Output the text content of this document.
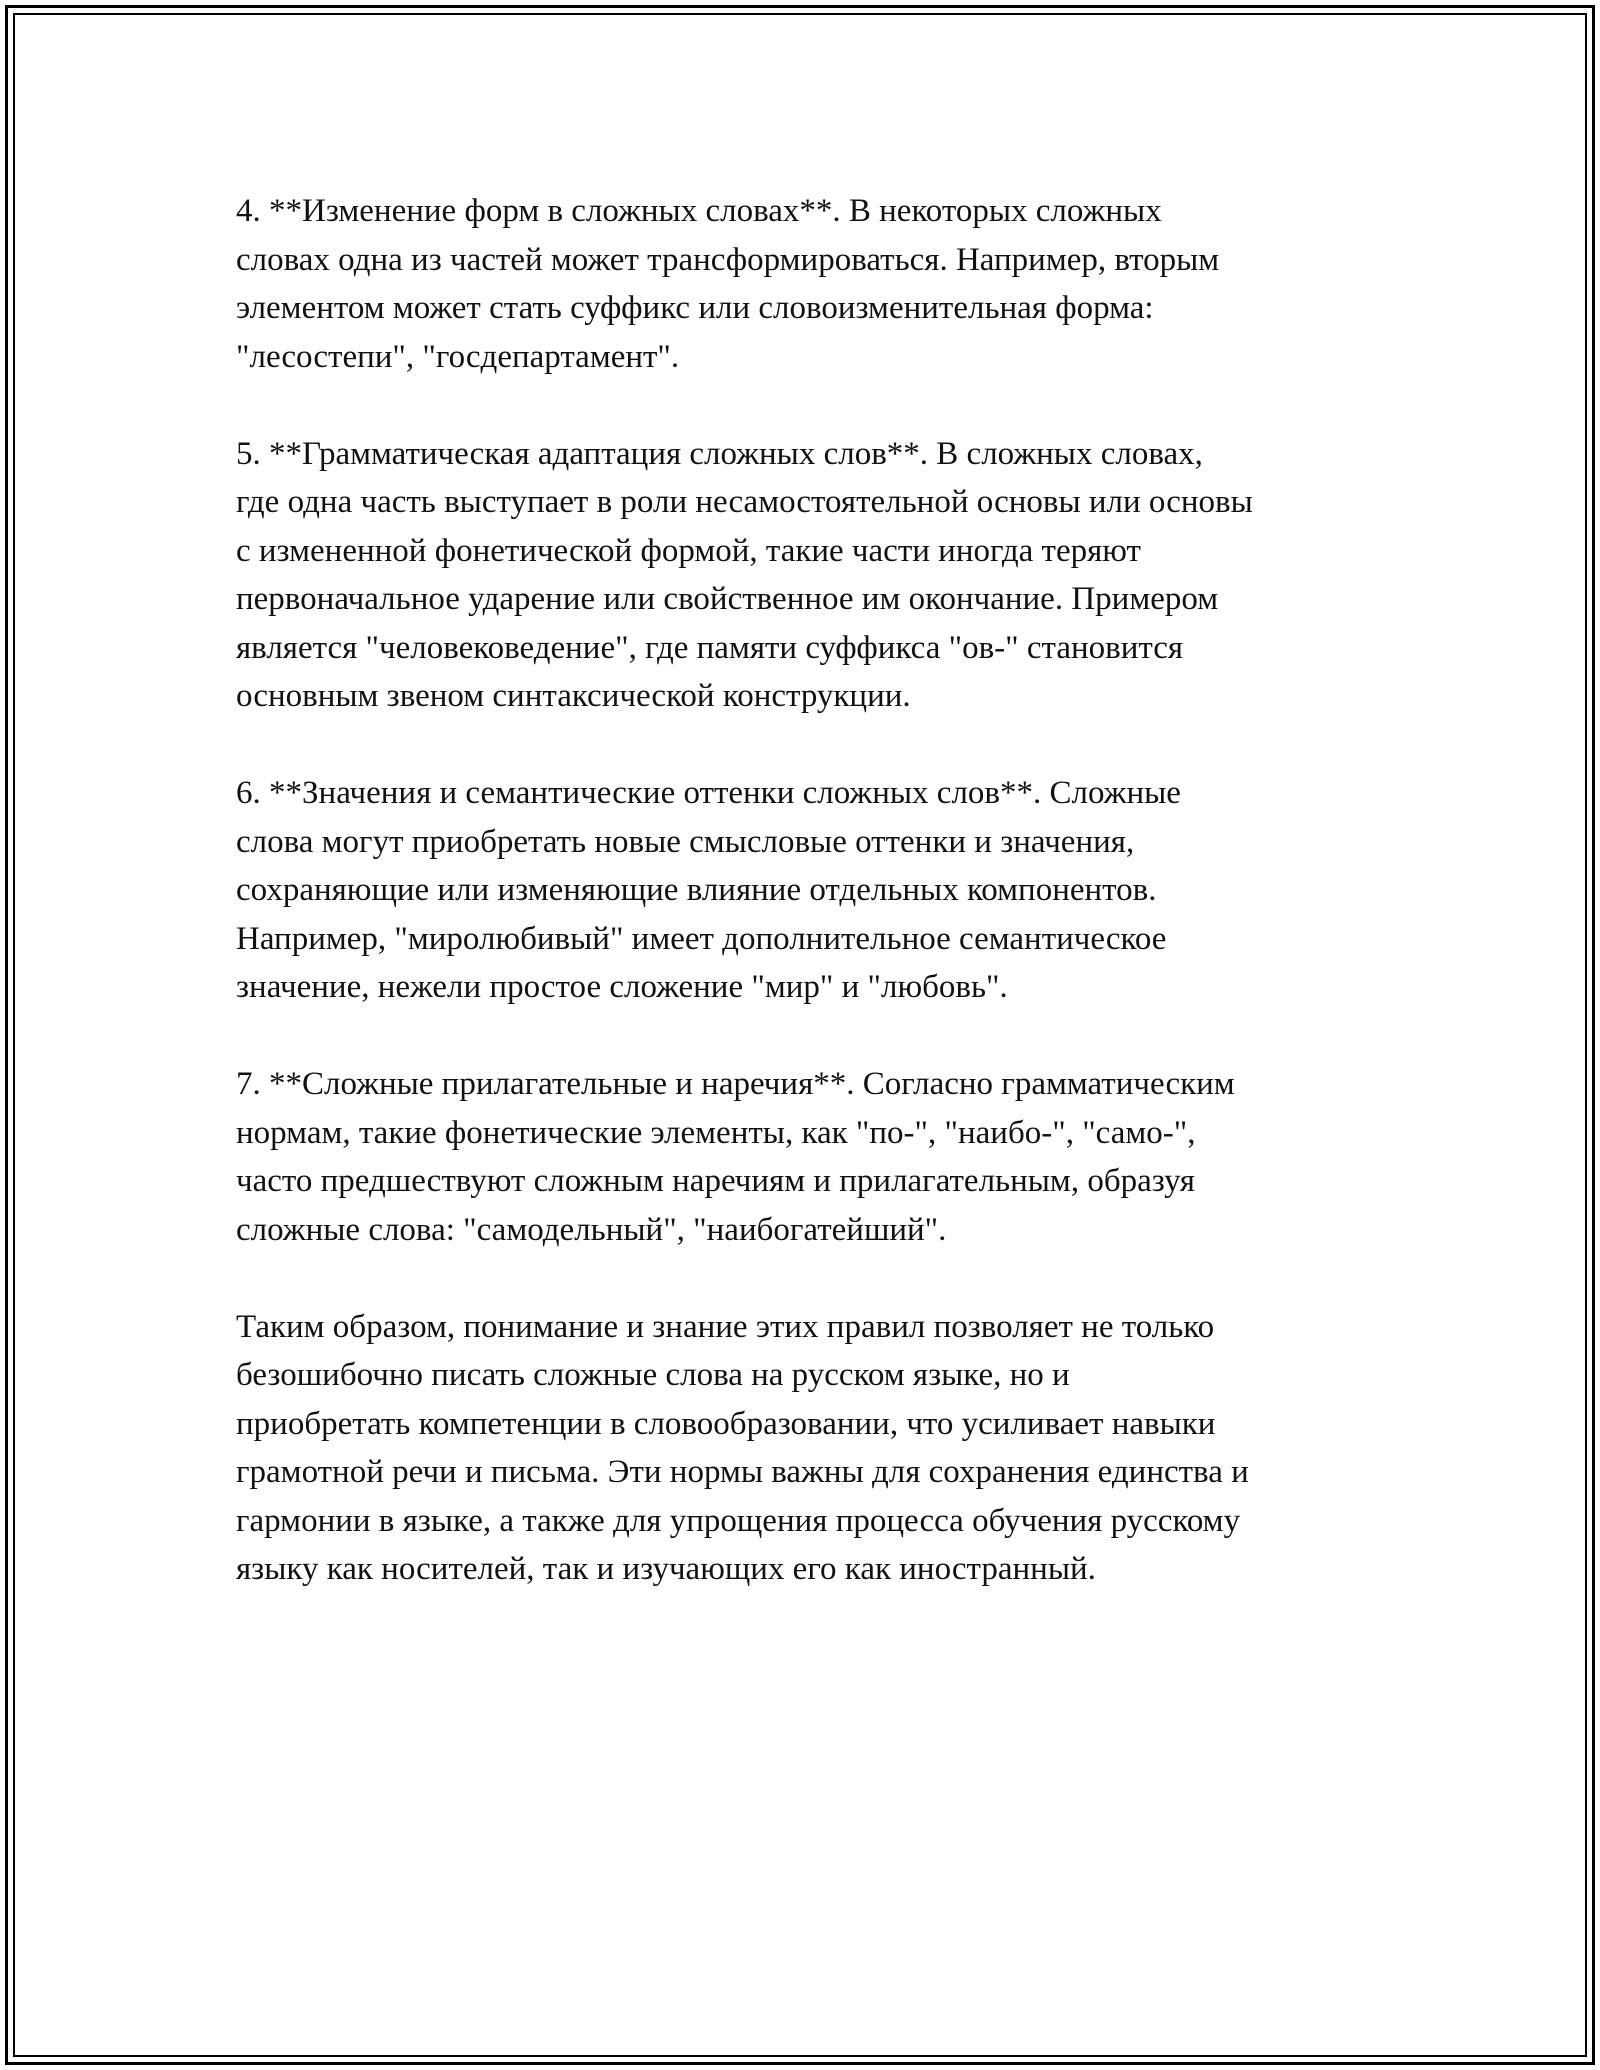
4. **Изменение форм в сложных словах**. В некоторых сложных
словах одна из частей может трансформироваться. Например, вторым
элементом может стать суффикс или словоизменительная форма:
"лесостепи", "госдепартамент".
5. **Грамматическая адаптация сложных слов**. В сложных словах,
где одна часть выступает в роли несамостоятельной основы или основы
с измененной фонетической формой, такие части иногда теряют
первоначальное ударение или свойственное им окончание. Примером
является "человековедение", где памяти суффикса "ов-" становится
основным звеном синтаксической конструкции.
6. **Значения и семантические оттенки сложных слов**. Сложные
слова могут приобретать новые смысловые оттенки и значения,
сохраняющие или изменяющие влияние отдельных компонентов.
Например, "миролюбивый" имеет дополнительное семантическое
значение, нежели простое сложение "мир" и "любовь".
7. **Сложные прилагательные и наречия**. Согласно грамматическим
нормам, такие фонетические элементы, как "по-", "наибо-", "само-",
часто предшествуют сложным наречиям и прилагательным, образуя
сложные слова: "самодельный", "наибогатейший".
Таким образом, понимание и знание этих правил позволяет не только
безошибочно писать сложные слова на русском языке, но и
приобретать компетенции в словообразовании, что усиливает навыки
грамотной речи и письма. Эти нормы важны для сохранения единства и
гармонии в языке, а также для упрощения процесса обучения русскому
языку как носителей, так и изучающих его как иностранный.
